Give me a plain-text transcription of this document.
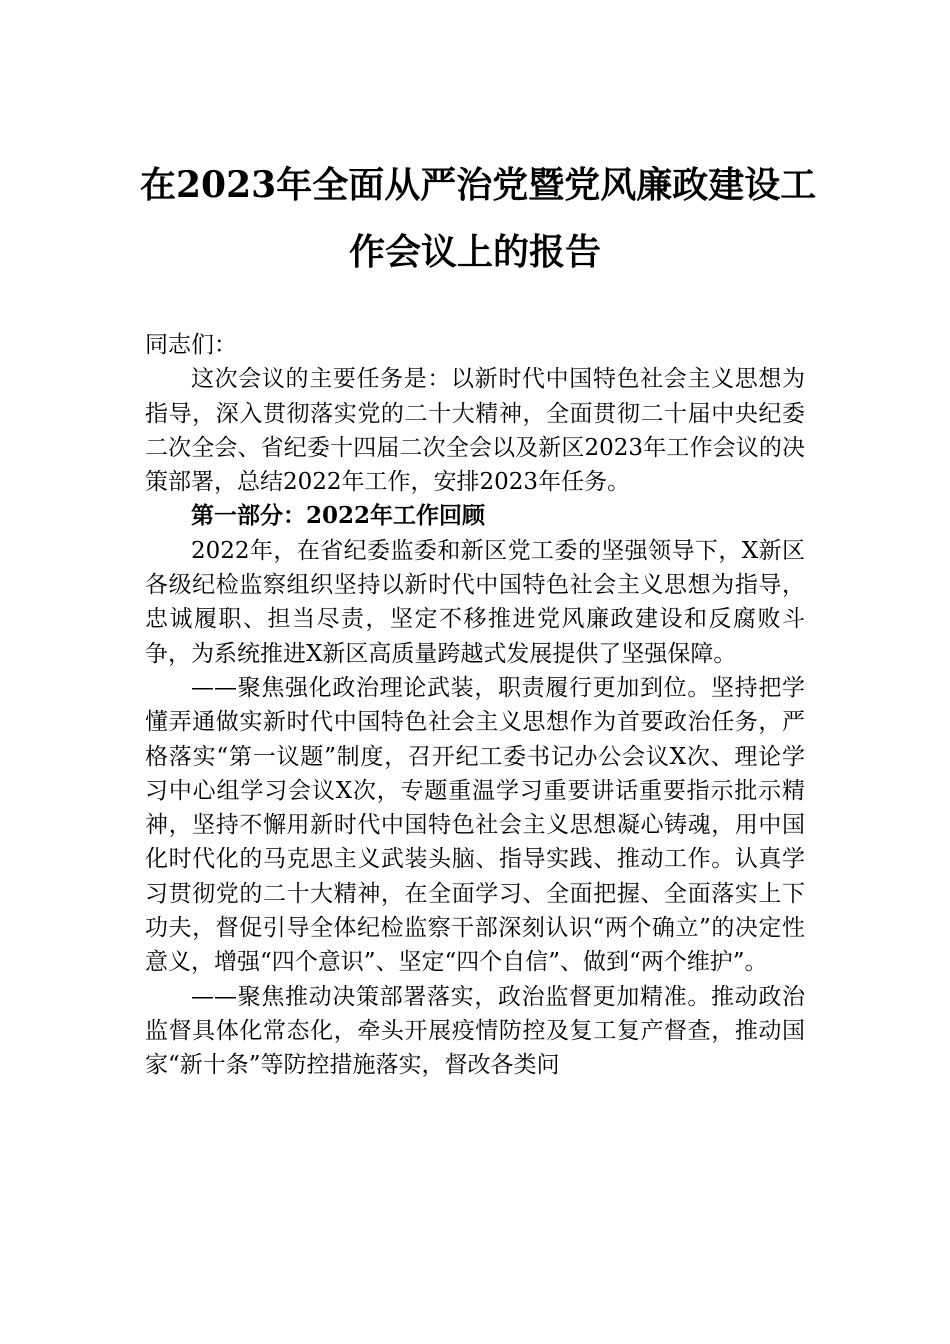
在2023年全面从严治党暨党风廉政建设工
作会议上的报告

同志们：

这次会议的主要任务是：以新时代中国特色社会主义思想为指导，深入贯彻落实党的二十大精神，全面贯彻二十届中央纪委二次全会、省纪委十四届二次全会以及新区2023年工作会议的决策部署，总结2022年工作，安排2023年任务。

第一部分：2022年工作回顾

2022年，在省纪委监委和新区党工委的坚强领导下，X新区各级纪检监察组织坚持以新时代中国特色社会主义思想为指导，忠诚履职、担当尽责，坚定不移推进党风廉政建设和反腐败斗争，为系统推进X新区高质量跨越式发展提供了坚强保障。

——聚焦强化政治理论武装，职责履行更加到位。坚持把学懂弄通做实新时代中国特色社会主义思想作为首要政治任务，严格落实“第一议题”制度，召开纪工委书记办公会议X次、理论学习中心组学习会议X次，专题重温学习重要讲话重要指示批示精神，坚持不懈用新时代中国特色社会主义思想凝心铸魂，用中国化时代化的马克思主义武装头脑、指导实践、推动工作。认真学习贯彻党的二十大精神，在全面学习、全面把握、全面落实上下功夫，督促引导全体纪检监察干部深刻认识“两个确立”的决定性意义，增强“四个意识”、坚定“四个自信”、做到“两个维护”。

——聚焦推动决策部署落实，政治监督更加精准。推动政治监督具体化常态化，牵头开展疫情防控及复工复产督查，推动国家“新十条”等防控措施落实，督改各类问
